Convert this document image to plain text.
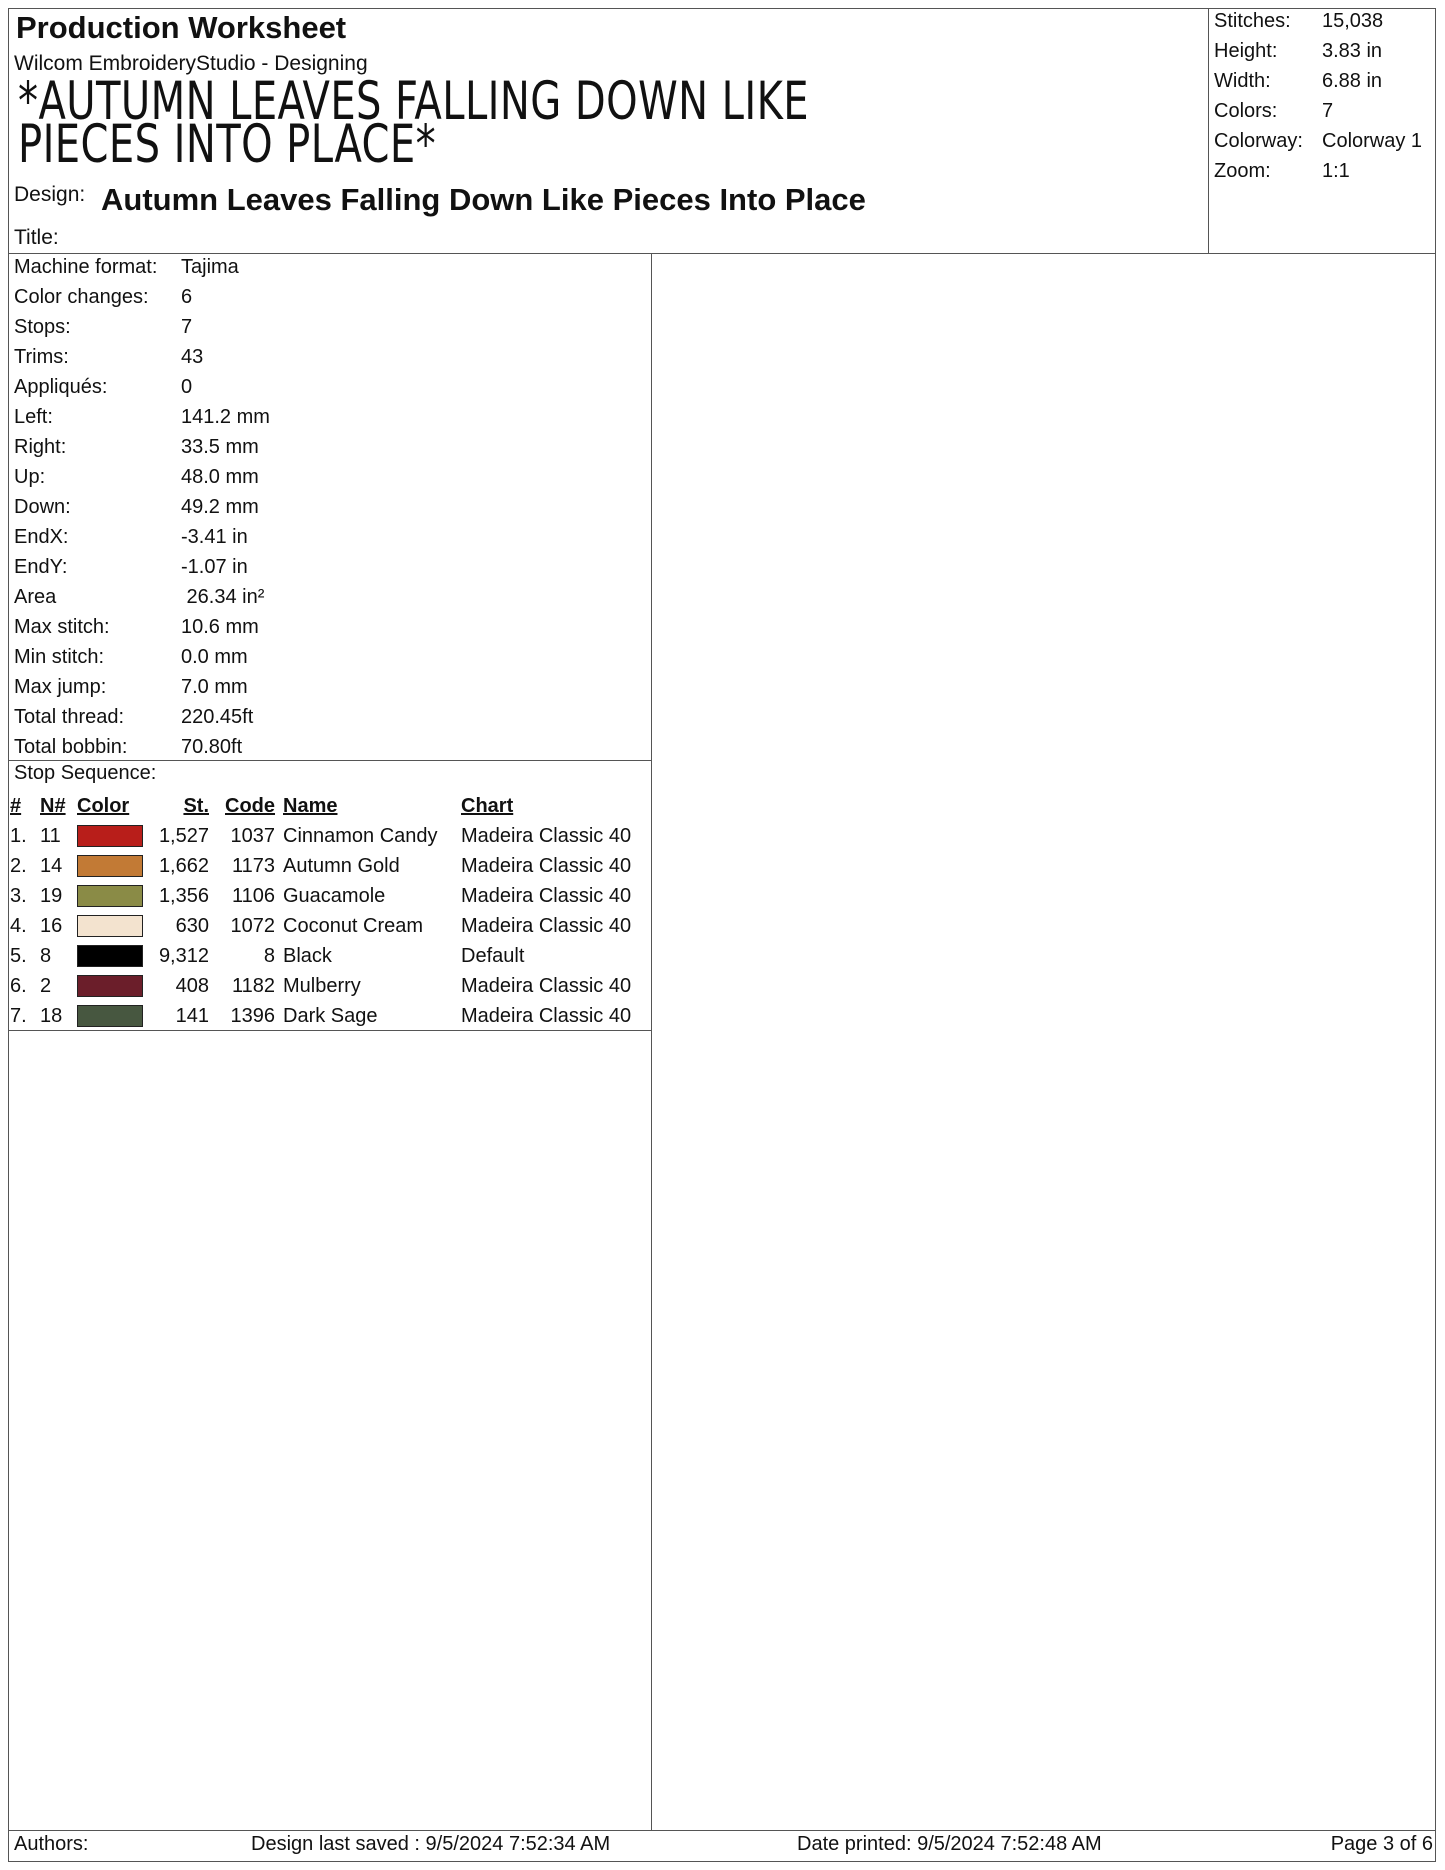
Production Worksheet
Wilcom EmbroideryStudio - Designing
*AUTUMN LEAVES FALLING DOWN LIKE PIECES INTO PLACE*
Design: Autumn Leaves Falling Down Like Pieces Into Place
Title:
Stitches: 15,038
Height: 3.83 in
Width:	6.88 in
Colors: 7
Colorway: Colorway 1
Zoom:	1:1
Machine format: Tajima
Color changes: 6
Stops:	7
Trims:	43
Appliqués:	0
Left:	141.2 mm
Right:	33.5 mm
Up:	48.0 mm
Down:	49.2 mm
EndX:	-3.41 in
EndY:	-1.07 in
Area	26.34 in²
Max stitch:	10.6 mm
Min stitch:	0.0 mm
Max jump:	7.0 mm
Total thread:	220.45ft
Total bobbin:	70.80ft
Stop Sequence:
#	N#	Color	St.	Code	Name	Chart
1.	11		1,527	1037	Cinnamon Candy	Madeira Classic 40
2.	14		1,662	1173	Autumn Gold	Madeira Classic 40
3.	19		1,356	1106	Guacamole	Madeira Classic 40
4.	16		630	1072	Coconut Cream	Madeira Classic 40
5.	8		9,312	8	Black	Default
6.	2		408	1182	Mulberry	Madeira Classic 40
7.	18		141	1396	Dark Sage	Madeira Classic 40
Authors:	Design last saved : 9/5/2024 7:52:34 AM	Date printed: 9/5/2024 7:52:48 AM	Page 3 of 6
